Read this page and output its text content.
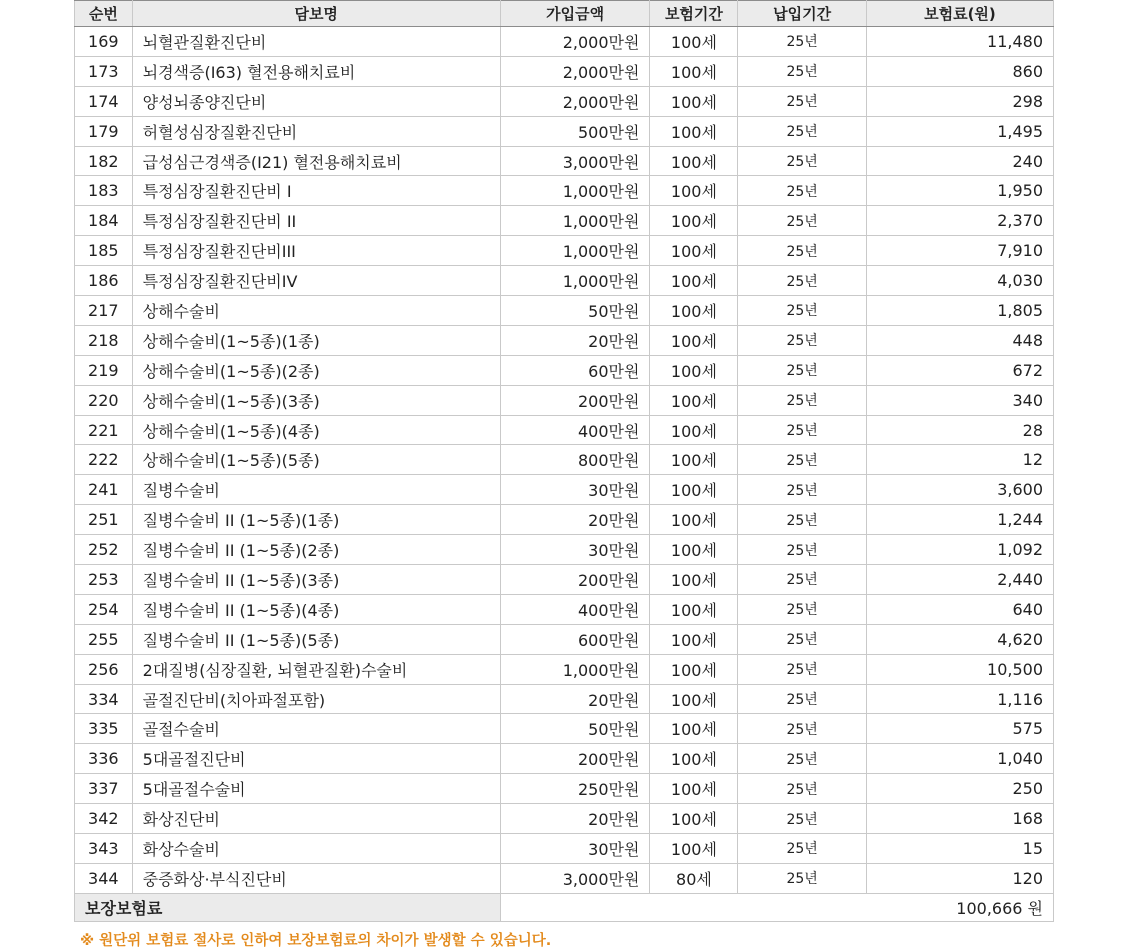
순번	담보명	가입금액	보험기간	납입기간	보험료(원)
169	뇌혈관질환진단비	2,000만원	100세	25년	11,480
173	뇌경색증(I63) 혈전용해치료비	2,000만원	100세	25년	860
174	양성뇌종양진단비	2,000만원	100세	25년	298
179	허혈성심장질환진단비	500만원	100세	25년	1,495
182	급성심근경색증(I21) 혈전용해치료비	3,000만원	100세	25년	240
183	특정심장질환진단비 I	1,000만원	100세	25년	1,950
184	특정심장질환진단비 II	1,000만원	100세	25년	2,370
185	특정심장질환진단비III	1,000만원	100세	25년	7,910
186	특정심장질환진단비IV	1,000만원	100세	25년	4,030
217	상해수술비	50만원	100세	25년	1,805
218	상해수술비(1~5종)(1종)	20만원	100세	25년	448
219	상해수술비(1~5종)(2종)	60만원	100세	25년	672
220	상해수술비(1~5종)(3종)	200만원	100세	25년	340
221	상해수술비(1~5종)(4종)	400만원	100세	25년	28
222	상해수술비(1~5종)(5종)	800만원	100세	25년	12
241	질병수술비	30만원	100세	25년	3,600
251	질병수술비 II (1~5종)(1종)	20만원	100세	25년	1,244
252	질병수술비 II (1~5종)(2종)	30만원	100세	25년	1,092
253	질병수술비 II (1~5종)(3종)	200만원	100세	25년	2,440
254	질병수술비 II (1~5종)(4종)	400만원	100세	25년	640
255	질병수술비 II (1~5종)(5종)	600만원	100세	25년	4,620
256	2대질병(심장질환, 뇌혈관질환)수술비	1,000만원	100세	25년	10,500
334	골절진단비(치아파절포함)	20만원	100세	25년	1,116
335	골절수술비	50만원	100세	25년	575
336	5대골절진단비	200만원	100세	25년	1,040
337	5대골절수술비	250만원	100세	25년	250
342	화상진단비	20만원	100세	25년	168
343	화상수술비	30만원	100세	25년	15
344	중증화상·부식진단비	3,000만원	80세	25년	120
보장보험료		100,666 원			
※ 원단위 보험료 절사로 인하여 보장보험료의 차이가 발생할 수 있습니다.
